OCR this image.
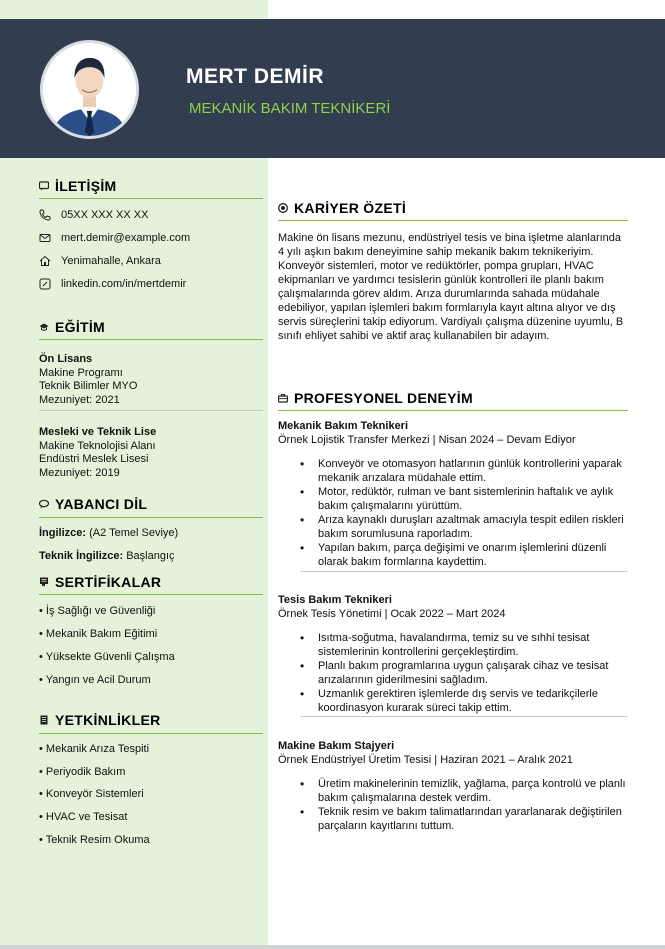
MERT DEMİR
MEKANİK BAKIM TEKNİKERİ
İLETİŞİM
05XX XXX XX XX
mert.demir@example.com
Yenimahalle, Ankara
linkedin.com/in/mertdemir
EĞİTİM
Ön Lisans
Makine Programı
Teknik Bilimler MYO
Mezuniyet: 2021
Mesleki ve Teknik Lise
Makine Teknolojisi Alanı
Endüstri Meslek Lisesi
Mezuniyet: 2019
YABANCI DİL
İngilizce: (A2 Temel Seviye)
Teknik İngilizce: Başlangıç
SERTİFİKALAR
• İş Sağlığı ve Güvenliği
• Mekanik Bakım Eğitimi
• Yüksekte Güvenli Çalışma
• Yangın ve Acil Durum
YETKİNLİKLER
• Mekanik Arıza Tespiti
• Periyodik Bakım
• Konveyör Sistemleri
• HVAC ve Tesisat
• Teknik Resim Okuma
KARİYER ÖZETİ
Makine ön lisans mezunu, endüstriyel tesis ve bina işletme alanlarında 4 yılı aşkın bakım deneyimine sahip mekanik bakım teknikeriyim. Konveyör sistemleri, motor ve redüktörler, pompa grupları, HVAC ekipmanları ve yardımcı tesislerin günlük kontrolleri ile planlı bakım çalışmalarında görev aldım. Arıza durumlarında sahada müdahale edebiliyor, yapılan işlemleri bakım formlarıyla kayıt altına alıyor ve dış servis süreçlerini takip ediyorum. Vardiyalı çalışma düzenine uyumlu, B sınıfı ehliyet sahibi ve aktif araç kullanabilen bir adayım.
PROFESYONEL DENEYİM
Mekanik Bakım Teknikeri
Örnek Lojistik Transfer Merkezi | Nisan 2024 – Devam Ediyor
• Konveyör ve otomasyon hatlarının günlük kontrollerini yaparak mekanik arızalara müdahale ettim.
• Motor, redüktör, rulman ve bant sistemlerinin haftalık ve aylık bakım çalışmalarını yürüttüm.
• Arıza kaynaklı duruşları azaltmak amacıyla tespit edilen riskleri bakım sorumlusuna raporladım.
• Yapılan bakım, parça değişimi ve onarım işlemlerini düzenli olarak bakım formlarına kaydettim.
Tesis Bakım Teknikeri
Örnek Tesis Yönetimi | Ocak 2022 – Mart 2024
• Isıtma-soğutma, havalandırma, temiz su ve sıhhi tesisat sistemlerinin kontrollerini gerçekleştirdim.
• Planlı bakım programlarına uygun çalışarak cihaz ve tesisat arızalarının giderilmesini sağladım.
• Uzmanlık gerektiren işlemlerde dış servis ve tedarikçilerle koordinasyon kurarak süreci takip ettim.
Makine Bakım Stajyeri
Örnek Endüstriyel Üretim Tesisi | Haziran 2021 – Aralık 2021
• Üretim makinelerinin temizlik, yağlama, parça kontrolü ve planlı bakım çalışmalarına destek verdim.
• Teknik resim ve bakım talimatlarından yararlanarak değiştirilen parçaların kayıtlarını tuttum.
